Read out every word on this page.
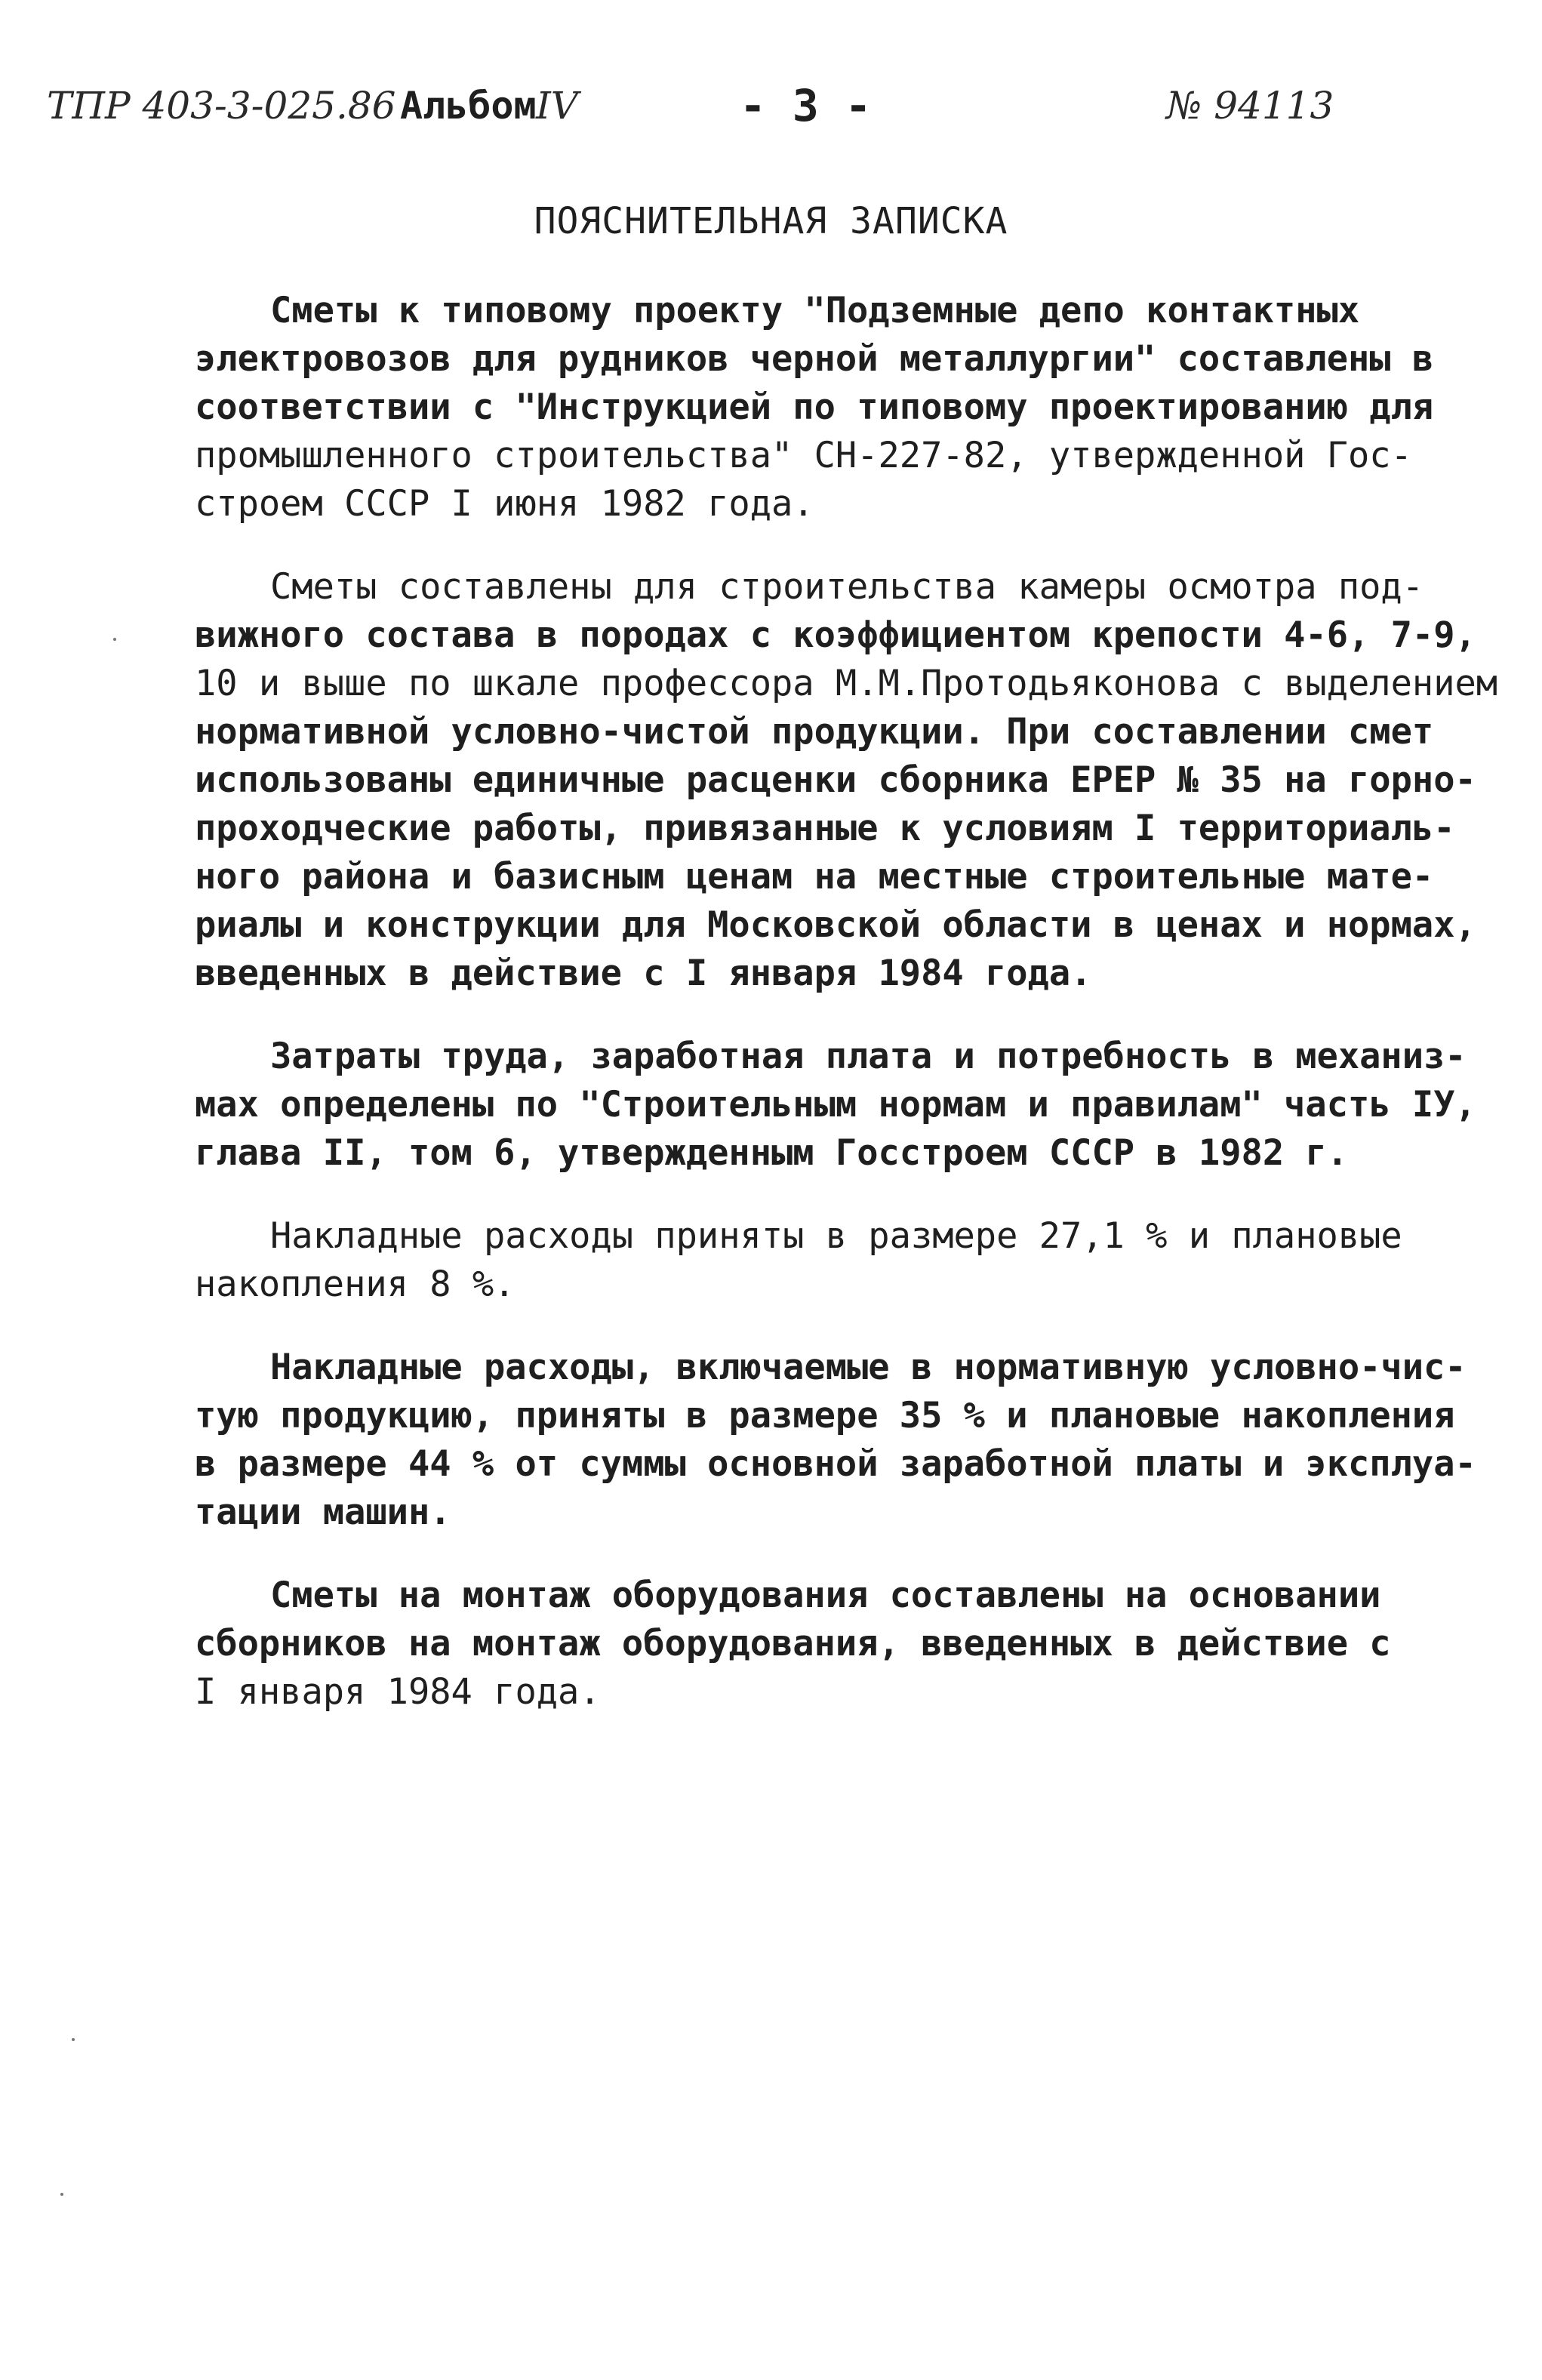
ТПР 403-3-025.86 Альбом IV	- 3 -	№ 94113
ПОЯСНИТЕЛЬНАЯ ЗАПИСКА

Сметы к типовому проекту "Подземные депо контактных
электровозов для рудников черной металлургии" составлены в
соответствии с "Инструкцией по типовому проектированию для
промышленного строительства" СН-227-82, утвержденной Гос-
строем СССР I июня 1982 года.

Сметы составлены для строительства камеры осмотра под-
вижного состава в породах с коэффициентом крепости 4-6, 7-9,
10 и выше по шкале профессора М.М.Протодьяконова с выделением
нормативной условно-чистой продукции. При составлении смет
использованы единичные расценки сборника ЕРЕР № 35 на горно-
проходческие работы, привязанные к условиям I территориаль-
ного района и базисным ценам на местные строительные мате-
риалы и конструкции для Московской области в ценах и нормах,
введенных в действие с I января 1984 года.

Затраты труда, заработная плата и потребность в механиз-
мах определены по "Строительным нормам и правилам" часть IУ,
глава II, том 6, утвержденным Госстроем СССР в 1982 г.

Накладные расходы приняты в размере 27,1 % и плановые
накопления 8 %.

Накладные расходы, включаемые в нормативную условно-чис-
тую продукцию, приняты в размере 35 % и плановые накопления
в размере 44 % от суммы основной заработной платы и эксплуа-
тации машин.

Сметы на монтаж оборудования составлены на основании
сборников на монтаж оборудования, введенных в действие с
I января 1984 года.
